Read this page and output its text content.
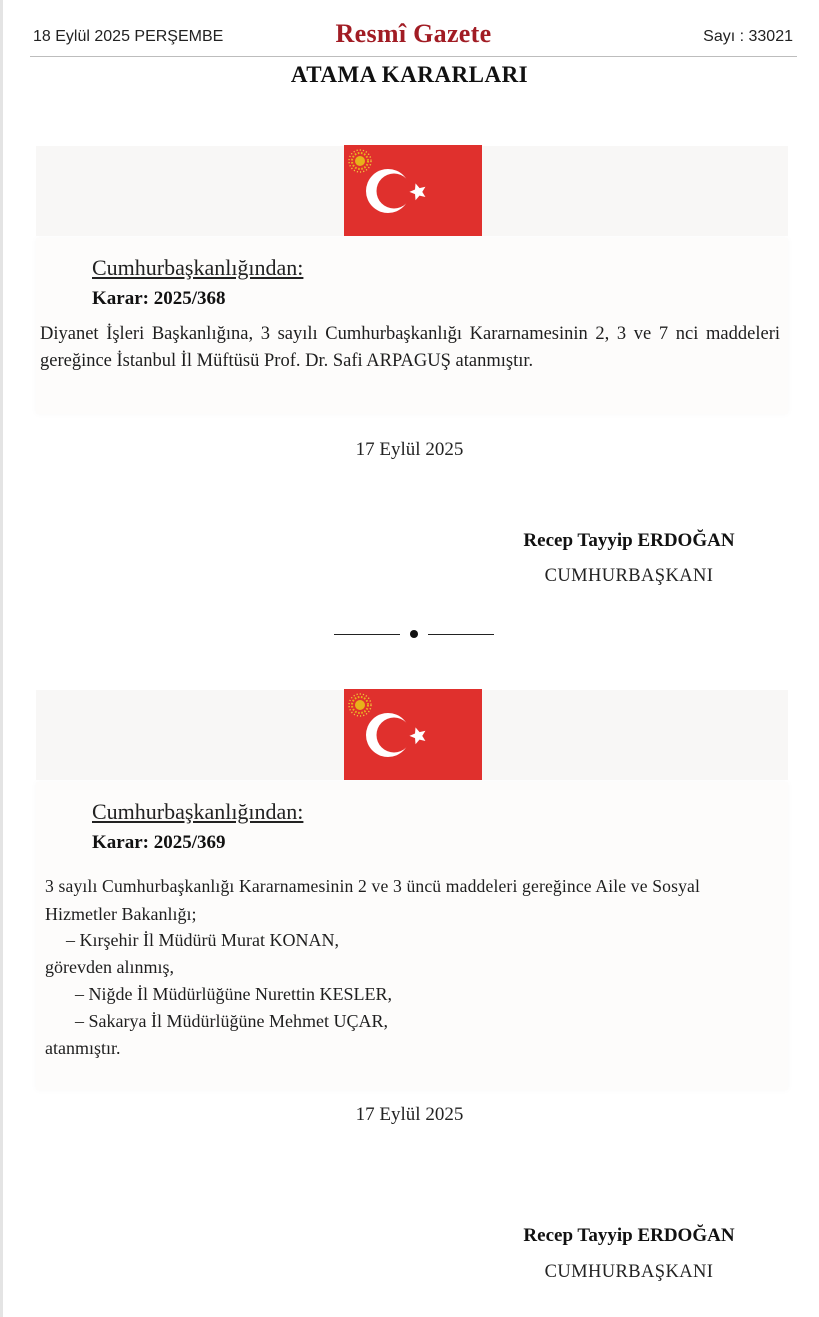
18 Eylül 2025 PERŞEMBE	Resmî Gazete	Sayı : 33021
ATAMA KARARLARI
Cumhurbaşkanlığından:
Karar: 2025/368
Diyanet İşleri Başkanlığına, 3 sayılı Cumhurbaşkanlığı Kararnamesinin 2, 3 ve 7 nci maddeleri gereğince İstanbul İl Müftüsü Prof. Dr. Safi ARPAGUŞ atanmıştır.
17 Eylül 2025
Recep Tayyip ERDOĞAN
CUMHURBAŞKANI
Cumhurbaşkanlığından:
Karar: 2025/369
3 sayılı Cumhurbaşkanlığı Kararnamesinin 2 ve 3 üncü maddeleri gereğince Aile ve Sosyal
Hizmetler Bakanlığı;
– Kırşehir İl Müdürü Murat KONAN,
görevden alınmış,
– Niğde İl Müdürlüğüne Nurettin KESLER,
– Sakarya İl Müdürlüğüne Mehmet UÇAR,
atanmıştır.
17 Eylül 2025
Recep Tayyip ERDOĞAN
CUMHURBAŞKANI
